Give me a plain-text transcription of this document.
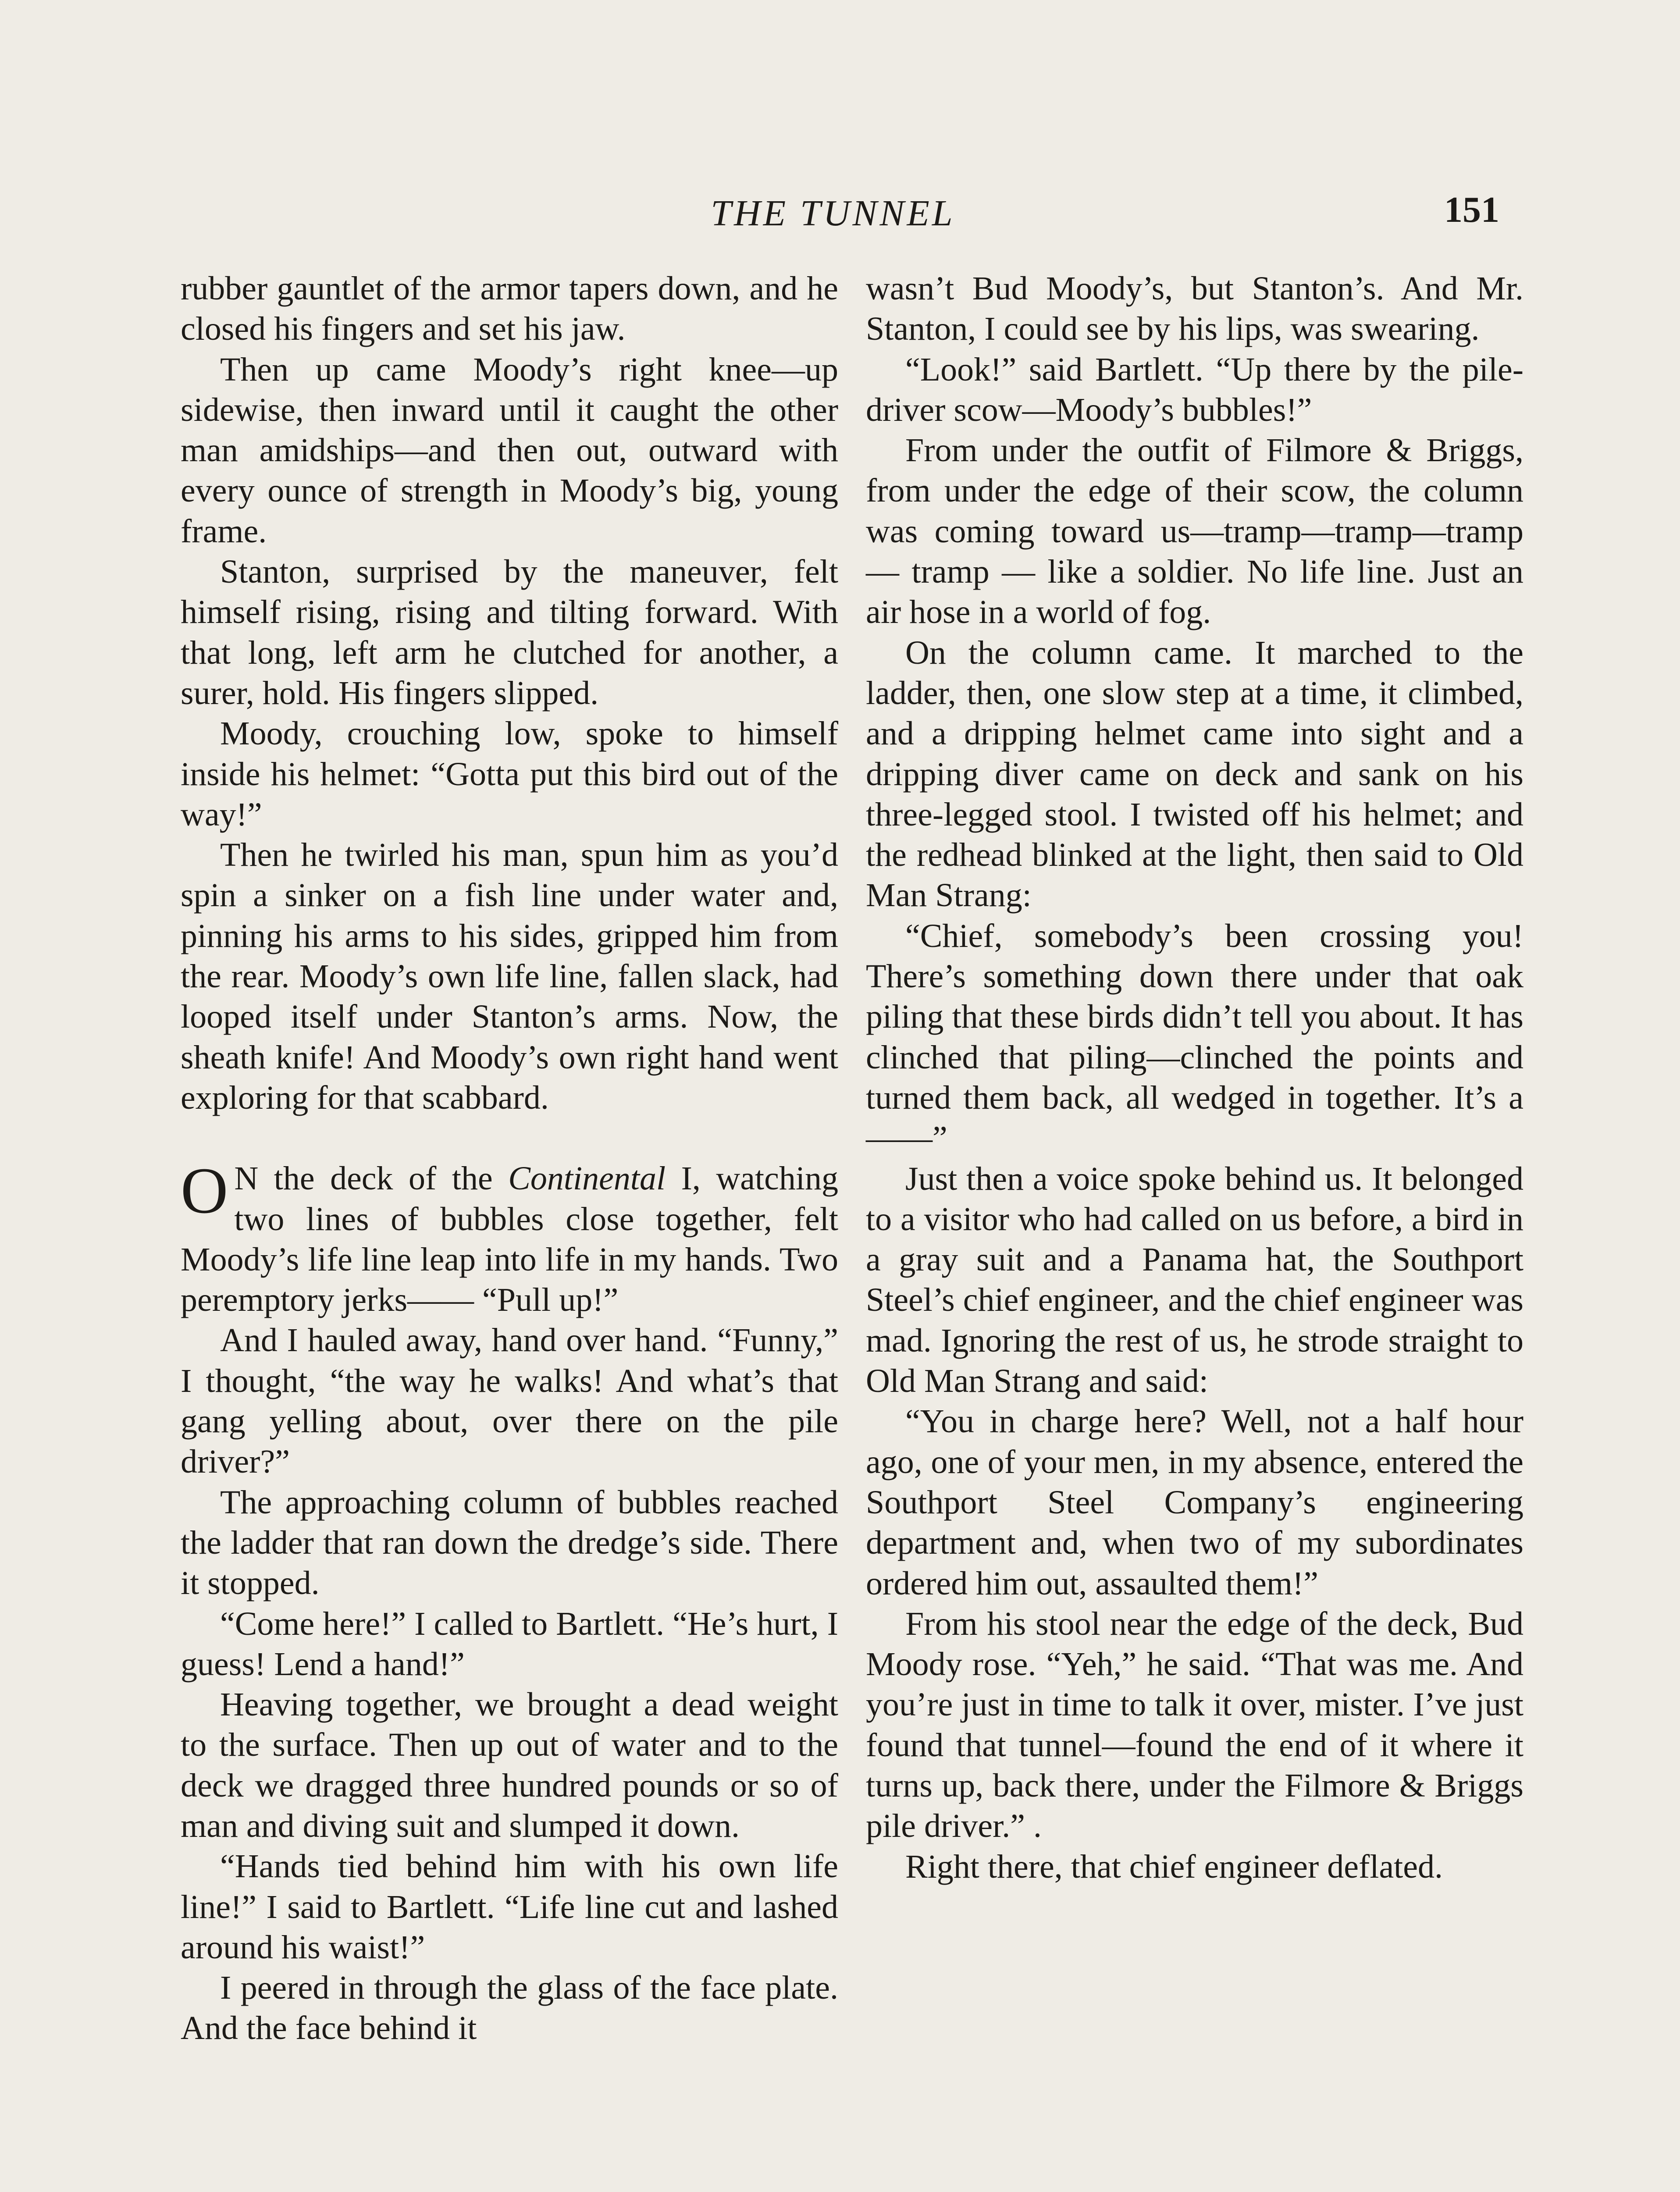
THE TUNNEL	151

rubber gauntlet of the armor tapers down, and he closed his fingers and set his jaw.

Then up came Moody’s right knee—up sidewise, then inward until it caught the other man amidships—and then out, outward with every ounce of strength in Moody’s big, young frame.

Stanton, surprised by the maneuver, felt himself rising, rising and tilting forward. With that long, left arm he clutched for another, a surer, hold. His fingers slipped.

Moody, crouching low, spoke to himself inside his helmet: “Gotta put this bird out of the way!”

Then he twirled his man, spun him as you’d spin a sinker on a fish line under water and, pinning his arms to his sides, gripped him from the rear. Moody’s own life line, fallen slack, had looped itself under Stanton’s arms. Now, the sheath knife! And Moody’s own right hand went exploring for that scabbard.

O N the deck of the Continental I, watching two lines of bubbles close together, felt Moody’s life line leap into life in my hands. Two peremptory jerks—— “Pull up!”

And I hauled away, hand over hand. “Funny,” I thought, “the way he walks! And what’s that gang yelling about, over there on the pile driver?”

The approaching column of bubbles reached the ladder that ran down the dredge’s side. There it stopped.

“Come here!” I called to Bartlett. “He’s hurt, I guess! Lend a hand!”

Heaving together, we brought a dead weight to the surface. Then up out of water and to the deck we dragged three hundred pounds or so of man and diving suit and slumped it down.

“Hands tied behind him with his own life line!” I said to Bartlett. “Life line cut and lashed around his waist!”

I peered in through the glass of the face plate. And the face behind it

wasn’t Bud Moody’s, but Stanton’s. And Mr. Stanton, I could see by his lips, was swearing.

“Look!” said Bartlett. “Up there by the pile-driver scow—Moody’s bubbles!”

From under the outfit of Filmore & Briggs, from under the edge of their scow, the column was coming toward us—tramp—tramp—tramp — tramp — like a soldier. No life line. Just an air hose in a world of fog.

On the column came. It marched to the ladder, then, one slow step at a time, it climbed, and a dripping helmet came into sight and a dripping diver came on deck and sank on his three-legged stool. I twisted off his helmet; and the redhead blinked at the light, then said to Old Man Strang:

“Chief, somebody’s been crossing you! There’s something down there under that oak piling that these birds didn’t tell you about. It has clinched that piling—clinched the points and turned them back, all wedged in together. It’s a——”

Just then a voice spoke behind us. It belonged to a visitor who had called on us before, a bird in a gray suit and a Panama hat, the Southport Steel’s chief engineer, and the chief engineer was mad. Ignoring the rest of us, he strode straight to Old Man Strang and said:

“You in charge here? Well, not a half hour ago, one of your men, in my absence, entered the Southport Steel Company’s engineering department and, when two of my subordinates ordered him out, assaulted them!”

From his stool near the edge of the deck, Bud Moody rose. “Yeh,” he said. “That was me. And you’re just in time to talk it over, mister. I’ve just found that tunnel—found the end of it where it turns up, back there, under the Filmore & Briggs pile driver.” .

Right there, that chief engineer deflated.
